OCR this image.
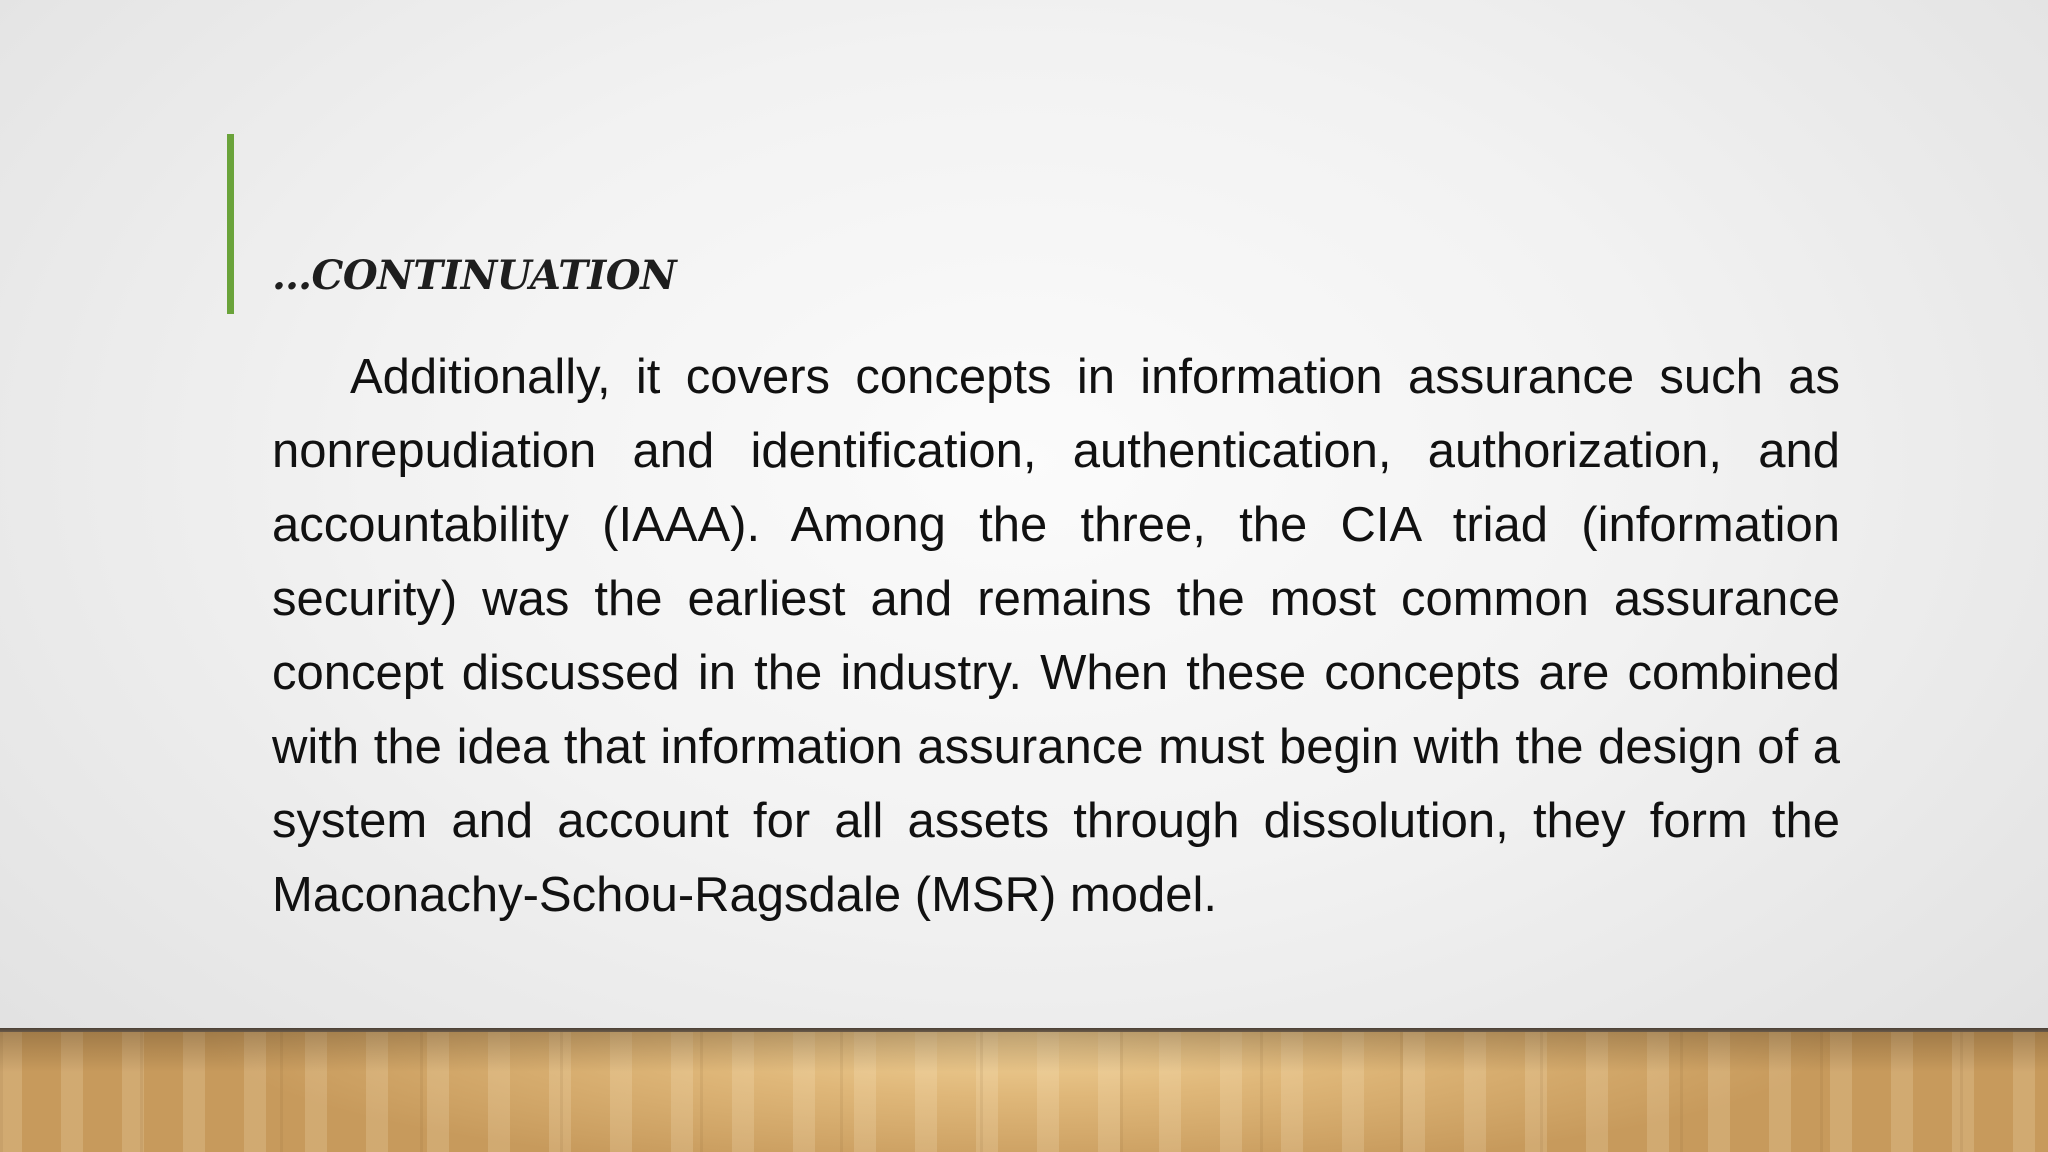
…CONTINUATION

Additionally, it covers concepts in information assurance such as nonrepudiation and identification, authentication, authorization, and accountability (IAAA). Among the three, the CIA triad (information security) was the earliest and remains the most common assurance concept discussed in the industry. When these concepts are combined with the idea that information assurance must begin with the design of a system and account for all assets through dissolution, they form the Maconachy-Schou-Ragsdale (MSR) model.
